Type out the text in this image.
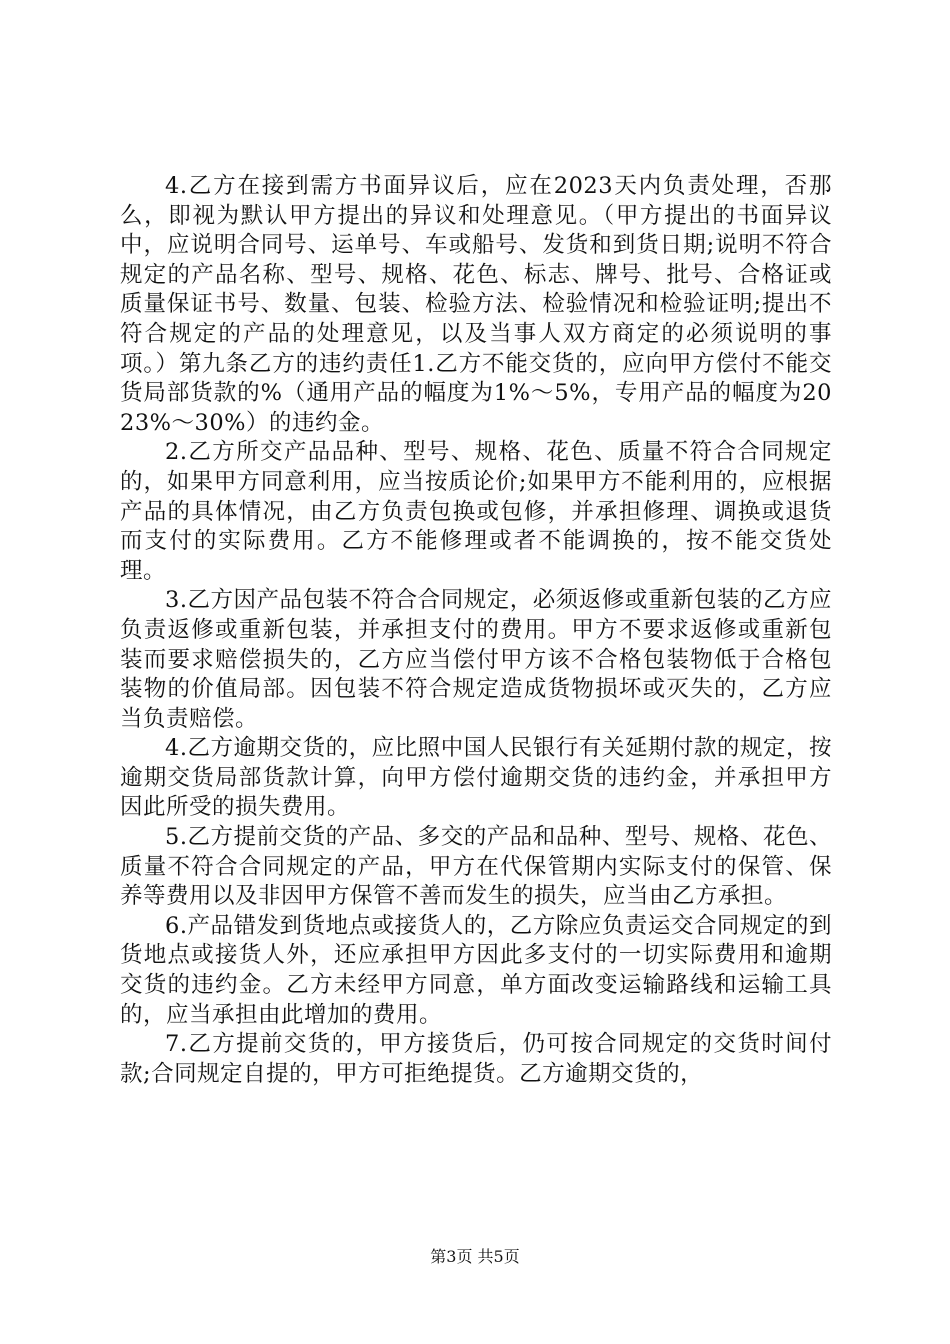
4.乙方在接到需方书面异议后，应在2023天内负责处理，否那么，即视为默认甲方提出的异议和处理意见。（甲方提出的书面异议中，应说明合同号、运单号、车或船号、发货和到货日期;说明不符合规定的产品名称、型号、规格、花色、标志、牌号、批号、合格证或质量保证书号、数量、包装、检验方法、检验情况和检验证明;提出不符合规定的产品的处理意见，以及当事人双方商定的必须说明的事项。）第九条乙方的违约责任1.乙方不能交货的，应向甲方偿付不能交货局部货款的%（通用产品的幅度为1%～5%，专用产品的幅度为2023%～30%）的违约金。

2.乙方所交产品品种、型号、规格、花色、质量不符合合同规定的，如果甲方同意利用，应当按质论价;如果甲方不能利用的，应根据产品的具体情况，由乙方负责包换或包修，并承担修理、调换或退货而支付的实际费用。乙方不能修理或者不能调换的，按不能交货处理。

3.乙方因产品包装不符合合同规定，必须返修或重新包装的乙方应负责返修或重新包装，并承担支付的费用。甲方不要求返修或重新包装而要求赔偿损失的，乙方应当偿付甲方该不合格包装物低于合格包装物的价值局部。因包装不符合规定造成货物损坏或灭失的，乙方应当负责赔偿。

4.乙方逾期交货的，应比照中国人民银行有关延期付款的规定，按逾期交货局部货款计算，向甲方偿付逾期交货的违约金，并承担甲方因此所受的损失费用。

5.乙方提前交货的产品、多交的产品和品种、型号、规格、花色、质量不符合合同规定的产品，甲方在代保管期内实际支付的保管、保养等费用以及非因甲方保管不善而发生的损失，应当由乙方承担。

6.产品错发到货地点或接货人的，乙方除应负责运交合同规定的到货地点或接货人外，还应承担甲方因此多支付的一切实际费用和逾期交货的违约金。乙方未经甲方同意，单方面改变运输路线和运输工具的，应当承担由此增加的费用。

7.乙方提前交货的，甲方接货后，仍可按合同规定的交货时间付款;合同规定自提的，甲方可拒绝提货。乙方逾期交货的，

第3页 共5页
